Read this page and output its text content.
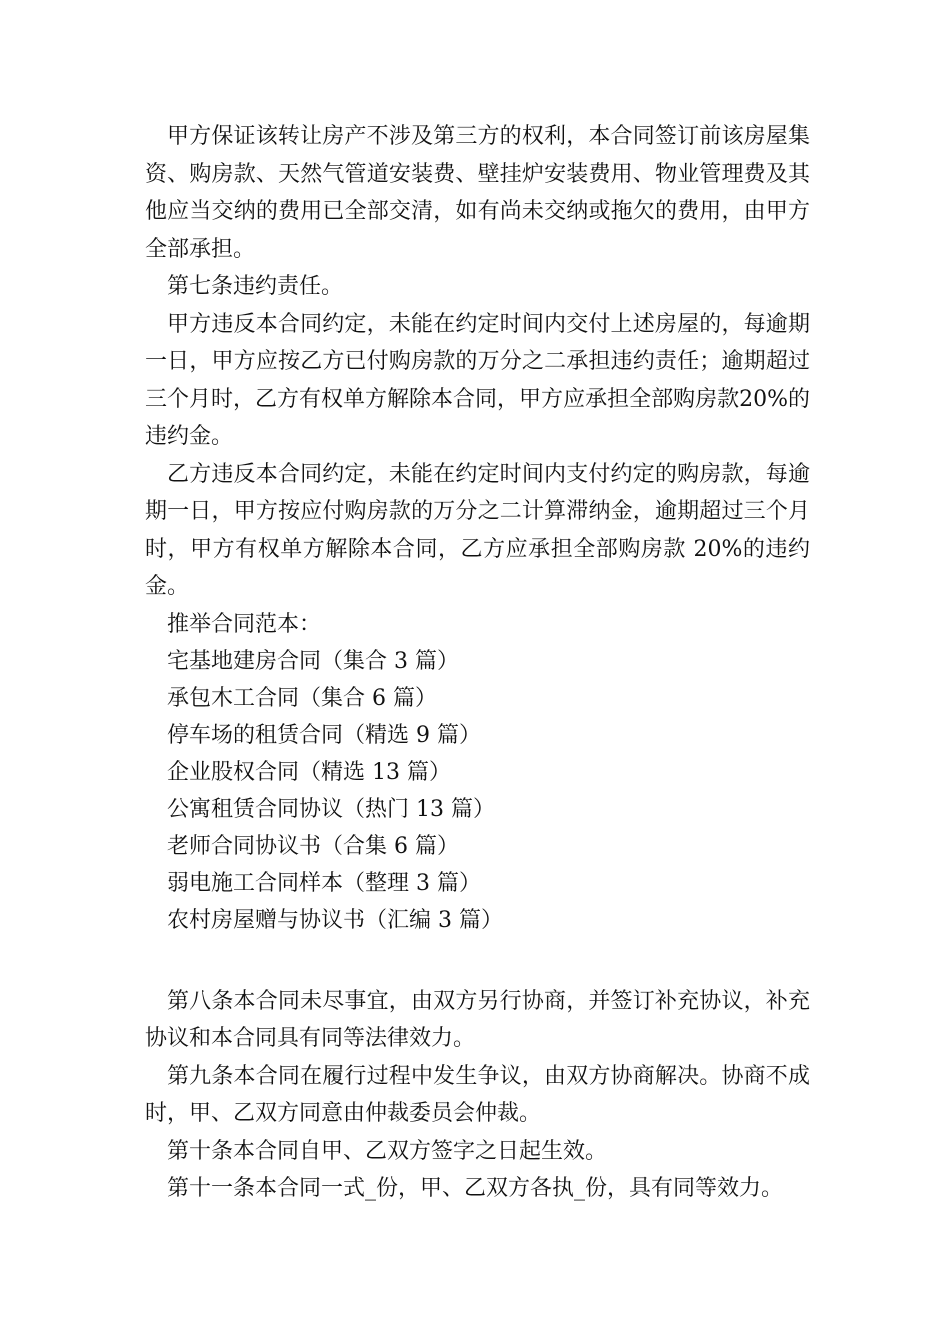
甲方保证该转让房产不涉及第三方的权利，本合同签订前该房屋集资、购房款、天然气管道安装费、壁挂炉安装费用、物业管理费及其他应当交纳的费用已全部交清，如有尚未交纳或拖欠的费用，由甲方全部承担。

第七条违约责任。

甲方违反本合同约定，未能在约定时间内交付上述房屋的，每逾期一日，甲方应按乙方已付购房款的万分之二承担违约责任；逾期超过三个月时，乙方有权单方解除本合同，甲方应承担全部购房款20%的违约金。

乙方违反本合同约定，未能在约定时间内支付约定的购房款，每逾期一日，甲方按应付购房款的万分之二计算滞纳金，逾期超过三个月时，甲方有权单方解除本合同，乙方应承担全部购房款 20%的违约金。

推举合同范本：

宅基地建房合同（集合 3 篇）
承包木工合同（集合 6 篇）
停车场的租赁合同（精选 9 篇）
企业股权合同（精选 13 篇）
公寓租赁合同协议（热门 13 篇）
老师合同协议书（合集 6 篇）
弱电施工合同样本（整理 3 篇）
农村房屋赠与协议书（汇编 3 篇）

第八条本合同未尽事宜，由双方另行协商，并签订补充协议，补充协议和本合同具有同等法律效力。

第九条本合同在履行过程中发生争议，由双方协商解决。协商不成时，甲、乙双方同意由仲裁委员会仲裁。

第十条本合同自甲、乙双方签字之日起生效。

第十一条本合同一式_份，甲、乙双方各执_份，具有同等效力。
